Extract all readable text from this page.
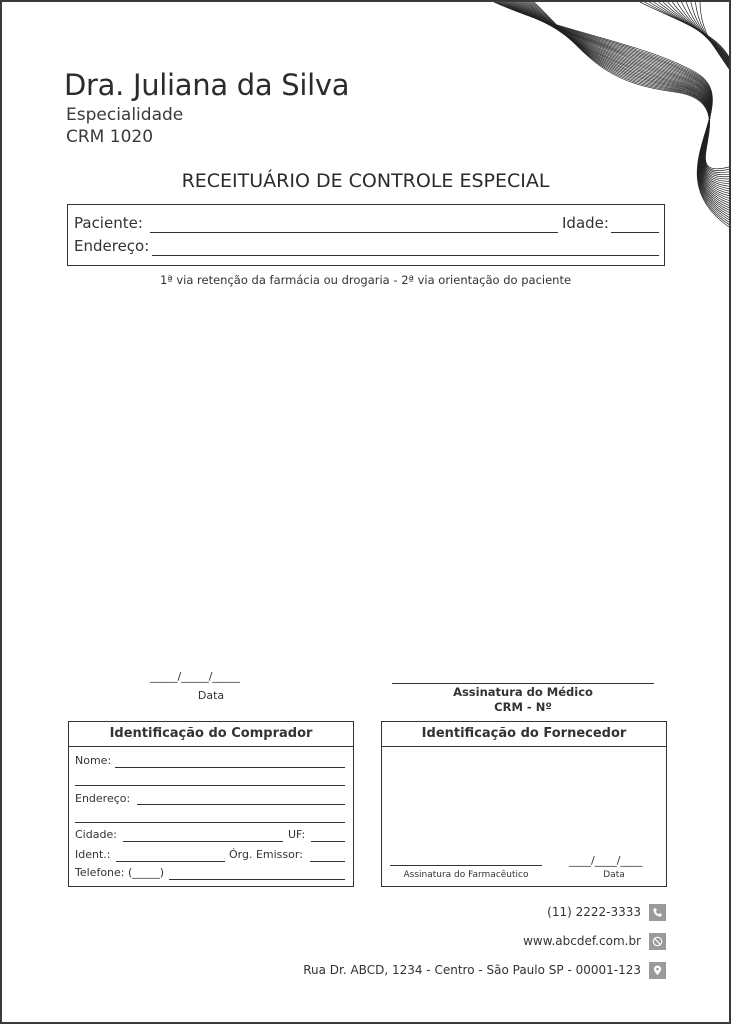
Dra. Juliana da Silva
Especialidade
CRM 1020
RECEITUÁRIO DE CONTROLE ESPECIAL
Paciente:	Idade:
Endereço:
1ª via retenção da farmácia ou drogaria - 2ª via orientação do paciente
_____/_____/_____
Data	Assinatura do Médico
CRM - Nº
Identificação do Comprador
Nome:
Endereço:
Cidade:	UF:
Ident.:	Órg. Emissor:
Telefone: (_____)
Identificação do Fornecedor
Assinatura do Farmacêutico
____/____/____
Data
(11) 2222-3333
www.abcdef.com.br
Rua Dr. ABCD, 1234 - Centro - São Paulo SP - 00001-123
